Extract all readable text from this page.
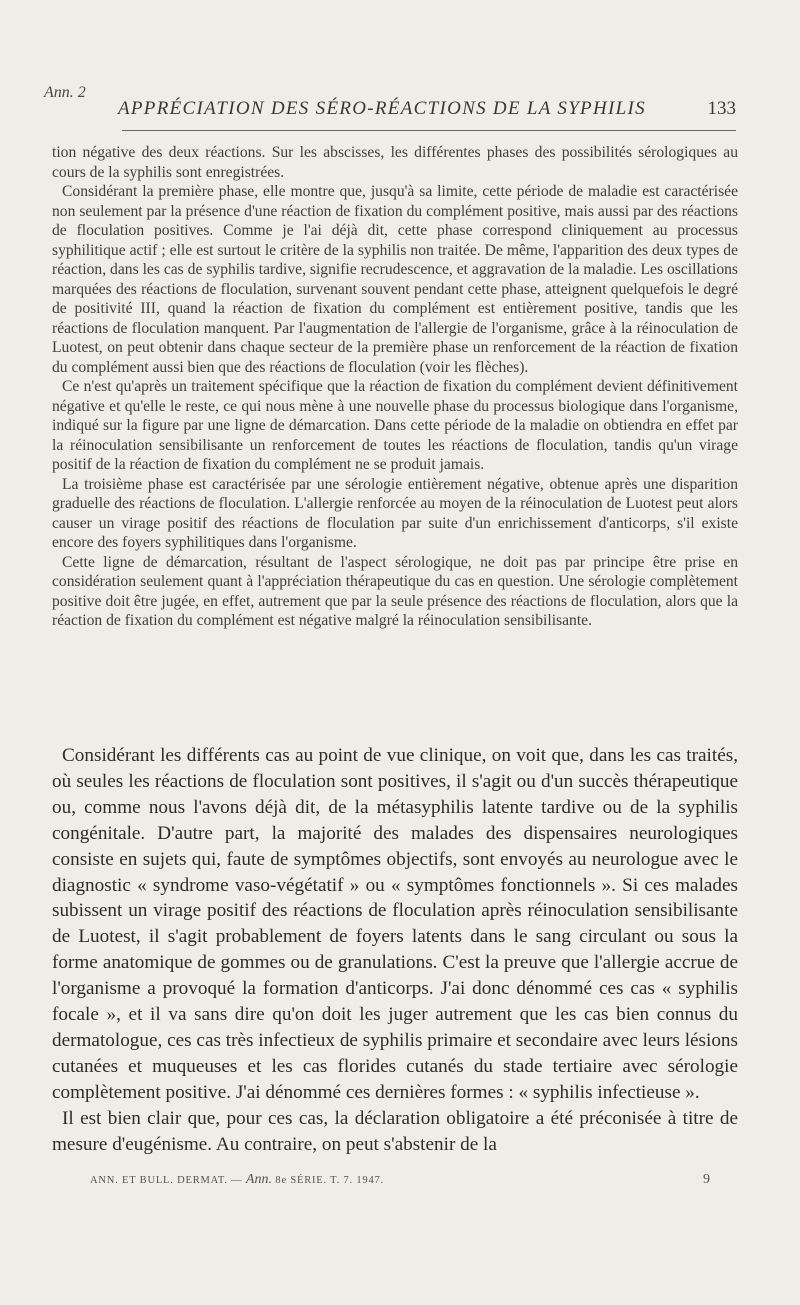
Ann. 2
APPRÉCIATION DES SÉRO-RÉACTIONS DE LA SYPHILIS	133

tion négative des deux réactions. Sur les abscisses, les différentes phases des possibilités sérologiques au cours de la syphilis sont enregistrées.

Considérant la première phase, elle montre que, jusqu'à sa limite, cette période de maladie est caractérisée non seulement par la présence d'une réaction de fixation du complément positive, mais aussi par des réactions de floculation positives. Comme je l'ai déjà dit, cette phase correspond cliniquement au processus syphilitique actif ; elle est surtout le critère de la syphilis non traitée. De même, l'apparition des deux types de réaction, dans les cas de syphilis tardive, signifie recrudescence, et aggravation de la maladie. Les oscillations marquées des réactions de floculation, survenant souvent pendant cette phase, atteignent quelquefois le degré de positivité III, quand la réaction de fixation du complément est entièrement positive, tandis que les réactions de floculation manquent. Par l'augmentation de l'allergie de l'organisme, grâce à la réinoculation de Luotest, on peut obtenir dans chaque secteur de la première phase un renforcement de la réaction de fixation du complément aussi bien que des réactions de floculation (voir les flèches).

Ce n'est qu'après un traitement spécifique que la réaction de fixation du complément devient définitivement négative et qu'elle le reste, ce qui nous mène à une nouvelle phase du processus biologique dans l'organisme, indiqué sur la figure par une ligne de démarcation. Dans cette période de la maladie on obtiendra en effet par la réinoculation sensibilisante un renforcement de toutes les réactions de floculation, tandis qu'un virage positif de la réaction de fixation du complément ne se produit jamais.

La troisième phase est caractérisée par une sérologie entièrement négative, obtenue après une disparition graduelle des réactions de floculation. L'allergie renforcée au moyen de la réinoculation de Luotest peut alors causer un virage positif des réactions de floculation par suite d'un enrichissement d'anticorps, s'il existe encore des foyers syphilitiques dans l'organisme.

Cette ligne de démarcation, résultant de l'aspect sérologique, ne doit pas par principe être prise en considération seulement quant à l'appréciation thérapeutique du cas en question. Une sérologie complètement positive doit être jugée, en effet, autrement que par la seule présence des réactions de floculation, alors que la réaction de fixation du complément est négative malgré la réinoculation sensibilisante.

Considérant les différents cas au point de vue clinique, on voit que, dans les cas traités, où seules les réactions de floculation sont positives, il s'agit ou d'un succès thérapeutique ou, comme nous l'avons déjà dit, de la métasyphilis latente tardive ou de la syphilis congénitale. D'autre part, la majorité des malades des dispensaires neurologiques consiste en sujets qui, faute de symptômes objectifs, sont envoyés au neurologue avec le diagnostic « syndrome vaso-végétatif » ou « symptômes fonctionnels ». Si ces malades subissent un virage positif des réactions de floculation après réinoculation sensibilisante de Luotest, il s'agit probablement de foyers latents dans le sang circulant ou sous la forme anatomique de gommes ou de granulations. C'est la preuve que l'allergie accrue de l'organisme a provoqué la formation d'anticorps. J'ai donc dénommé ces cas « syphilis focale », et il va sans dire qu'on doit les juger autrement que les cas bien connus du dermatologue, ces cas très infectieux de syphilis primaire et secondaire avec leurs lésions cutanées et muqueuses et les cas florides cutanés du stade tertiaire avec sérologie complètement positive. J'ai dénommé ces dernières formes : « syphilis infectieuse ».

Il est bien clair que, pour ces cas, la déclaration obligatoire a été préconisée à titre de mesure d'eugénisme. Au contraire, on peut s'abstenir de la

ANN. ET BULL. DERMAT. — Ann. 8e SÉRIE. T. 7. 1947.	9
